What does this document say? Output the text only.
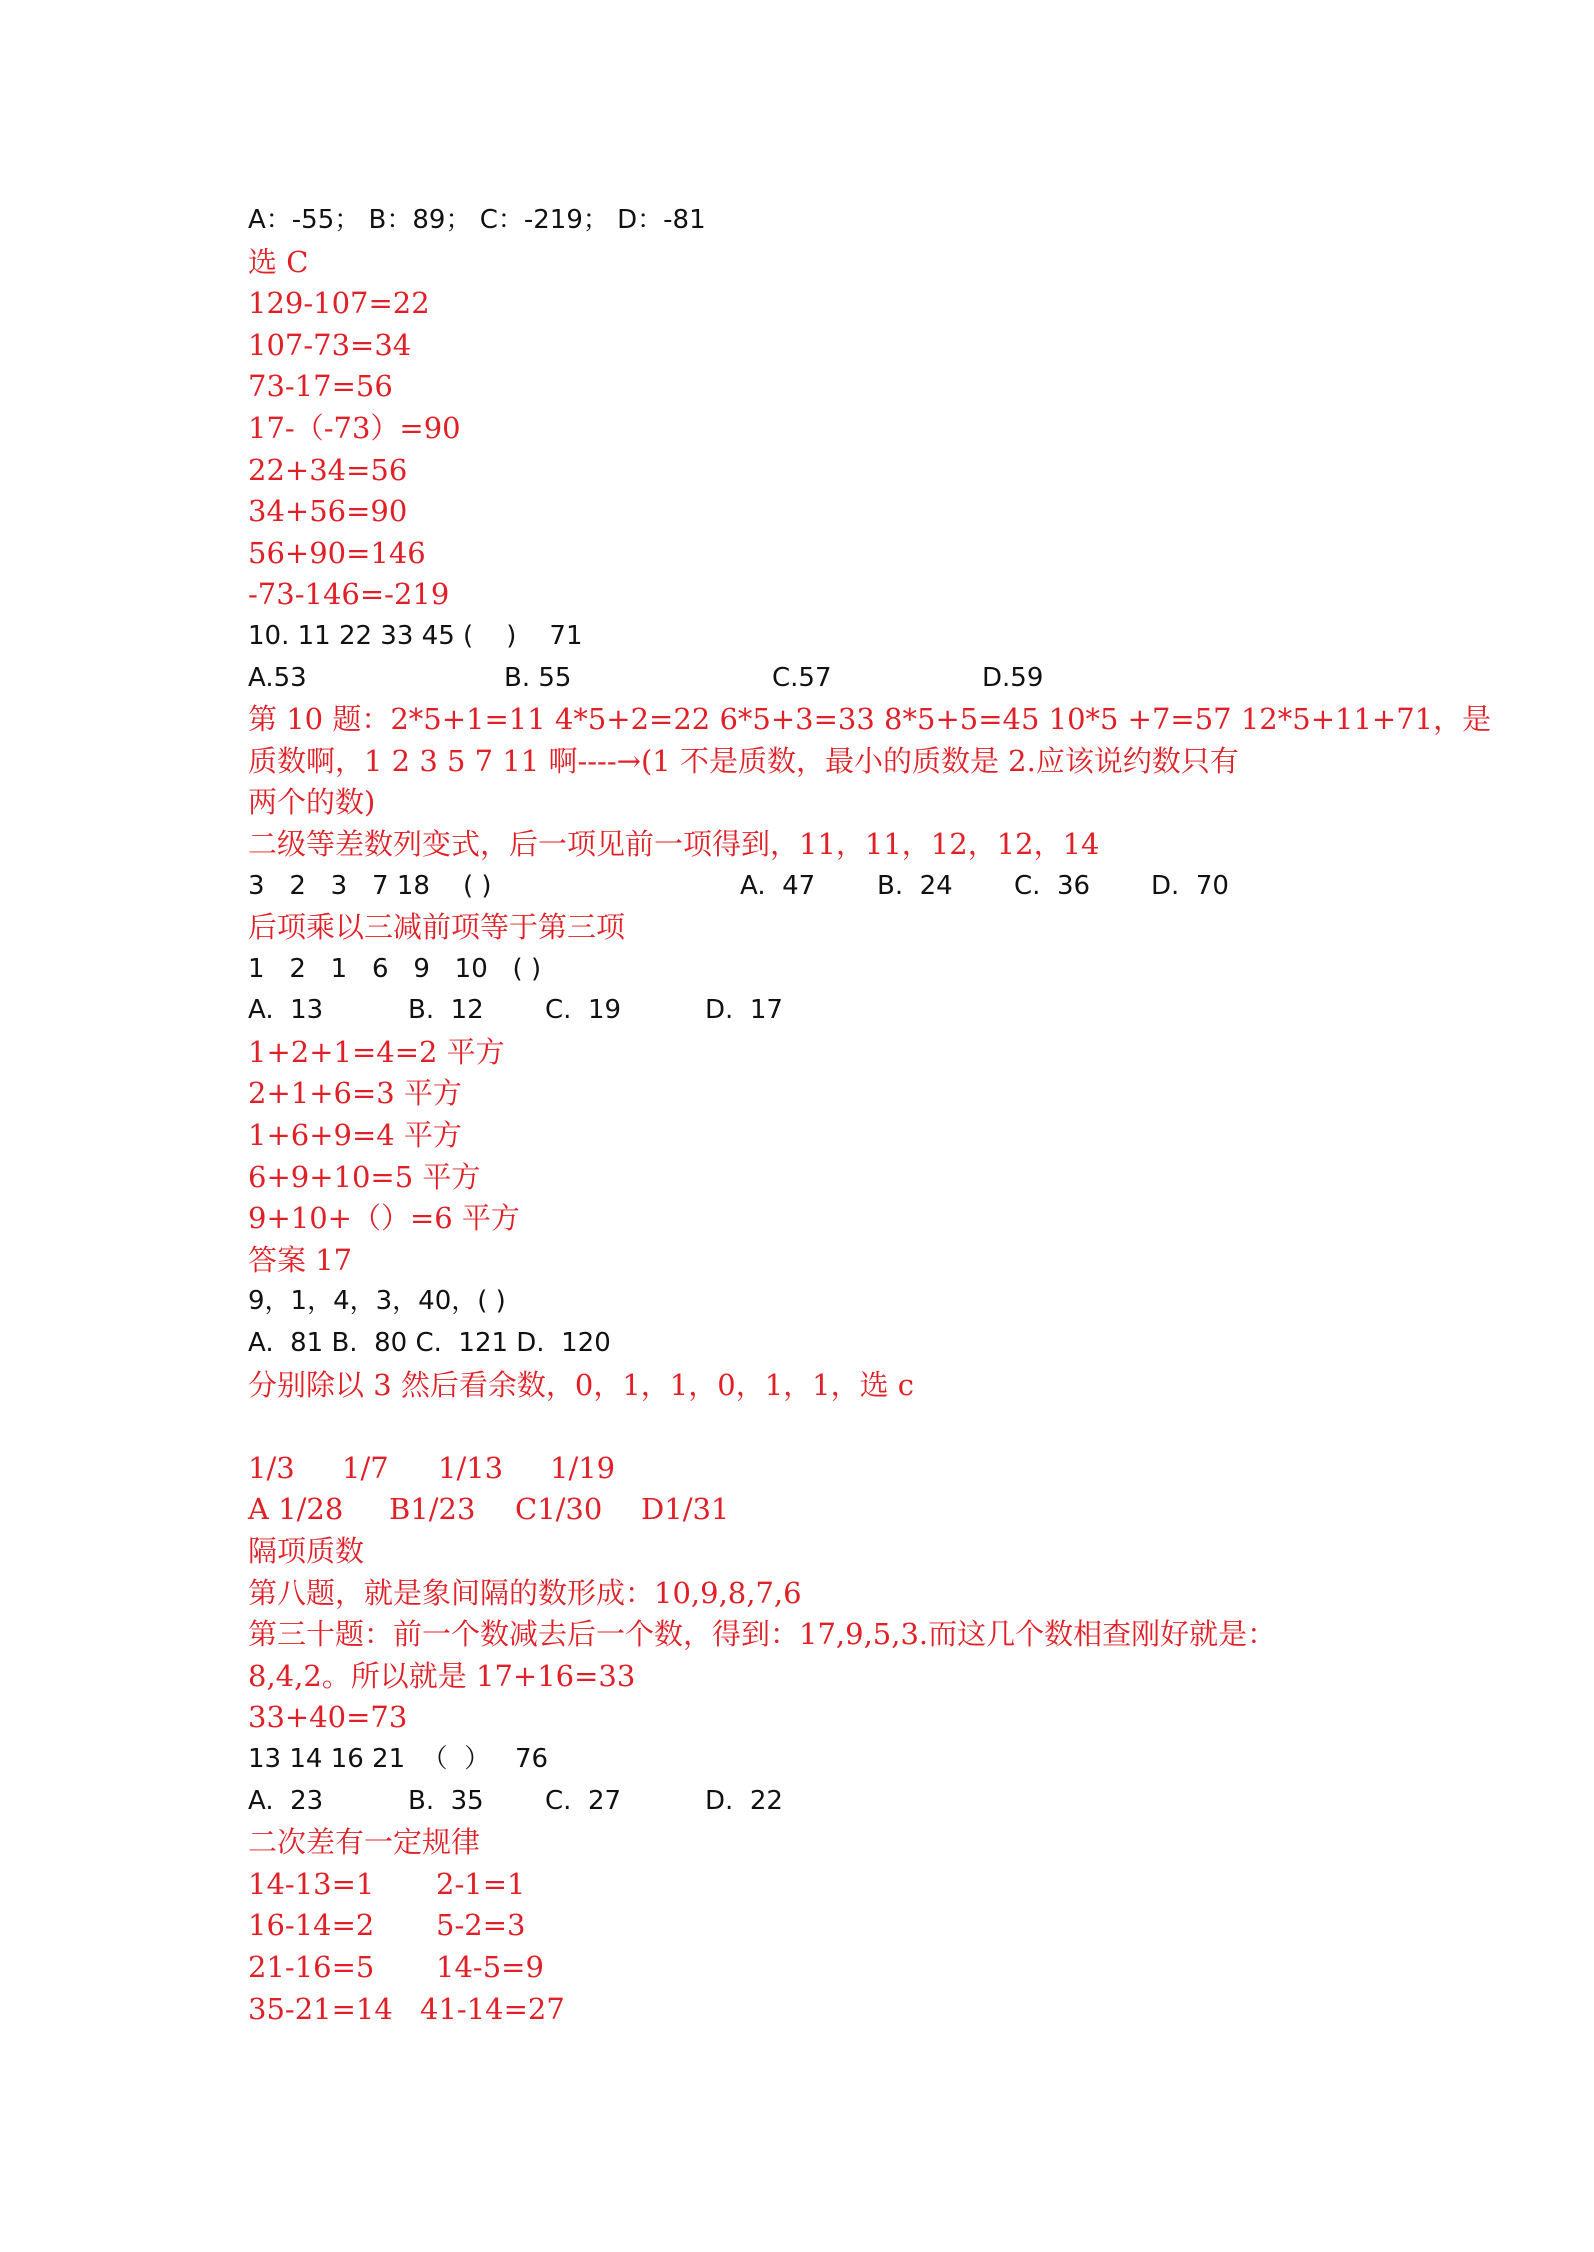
A：-55； B：89； C：-219； D：-81
选 C
129-107=22
107-73=34
73-17=56
17-（-73）=90
22+34=56
34+56=90
56+90=146
-73-146=-219
10. 11 22 33 45 (    )    71
A.53	B. 55	C.57	D.59
第 10 题：2*5+1=11 4*5+2=22 6*5+3=33 8*5+5=45 10*5 +7=57 12*5+11+71，是
质数啊，1 2 3 5 7 11 啊----→(1 不是质数，最小的质数是 2.应该说约数只有
两个的数)
二级等差数列变式，后一项见前一项得到，11，11，12，12，14
3   2   3   7 18    ( )	A.  47 B.  24 C.  36 D.  70
后项乘以三减前项等于第三项
1   2   1   6   9   10   ( )
A.  13	B.  12 C.  19	D.  17
1+2+1=4=2 平方
2+1+6=3 平方
1+6+9=4 平方
6+9+10=5 平方
9+10+（）=6 平方
答案 17
9，1，4，3，40，( )
A.  81 B.  80 C.  121 D.  120
分别除以 3 然后看余数，0，1，1，0，1，1，选 c
1/3 1/7 1/13 1/19
A 1/28 B1/23 C1/30 D1/31
隔项质数
第八题，就是象间隔的数形成：10,9,8,7,6
第三十题：前一个数减去后一个数，得到：17,9,5,3.而这几个数相查刚好就是：
8,4,2。所以就是 17+16=33
33+40=73
13 14 16 21  （  ）   76
A.  23	B.  35 C.  27	D.  22
二次差有一定规律
14-13=1 2-1=1
16-14=2 5-2=3
21-16=5 14-5=9
35-21=14 41-14=27
